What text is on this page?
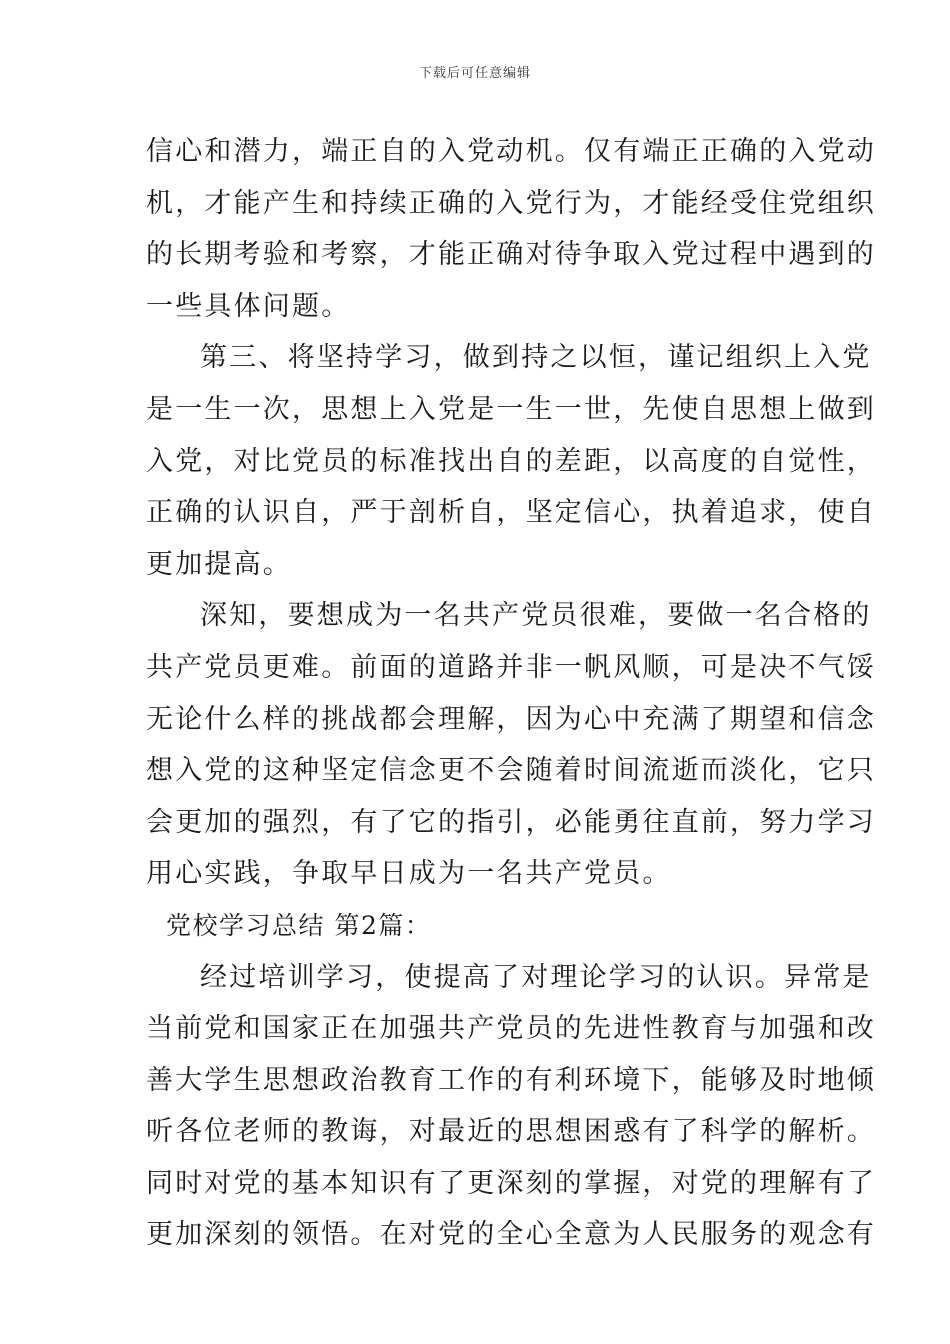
下载后可任意编辑
信心和潜力，端正自的入党动机。仅有端正正确的入党动
机，才能产生和持续正确的入党行为，才能经受住党组织
的长期考验和考察，才能正确对待争取入党过程中遇到的
一些具体问题。
第三、将坚持学习，做到持之以恒，谨记组织上入党
是一生一次，思想上入党是一生一世，先使自思想上做到
入党，对比党员的标准找出自的差距，以高度的自觉性，
正确的认识自，严于剖析自，坚定信心，执着追求，使自
更加提高。
深知，要想成为一名共产党员很难，要做一名合格的
共产党员更难。前面的道路并非一帆风顺，可是决不气馁
无论什么样的挑战都会理解，因为心中充满了期望和信念
想入党的这种坚定信念更不会随着时间流逝而淡化，它只
会更加的强烈，有了它的指引，必能勇往直前，努力学习
用心实践，争取早日成为一名共产党员。
党校学习总结 第2篇：
经过培训学习，使提高了对理论学习的认识。异常是
当前党和国家正在加强共产党员的先进性教育与加强和改
善大学生思想政治教育工作的有利环境下，能够及时地倾
听各位老师的教诲，对最近的思想困惑有了科学的解析。
同时对党的基本知识有了更深刻的掌握，对党的理解有了
更加深刻的领悟。在对党的全心全意为人民服务的观念有
